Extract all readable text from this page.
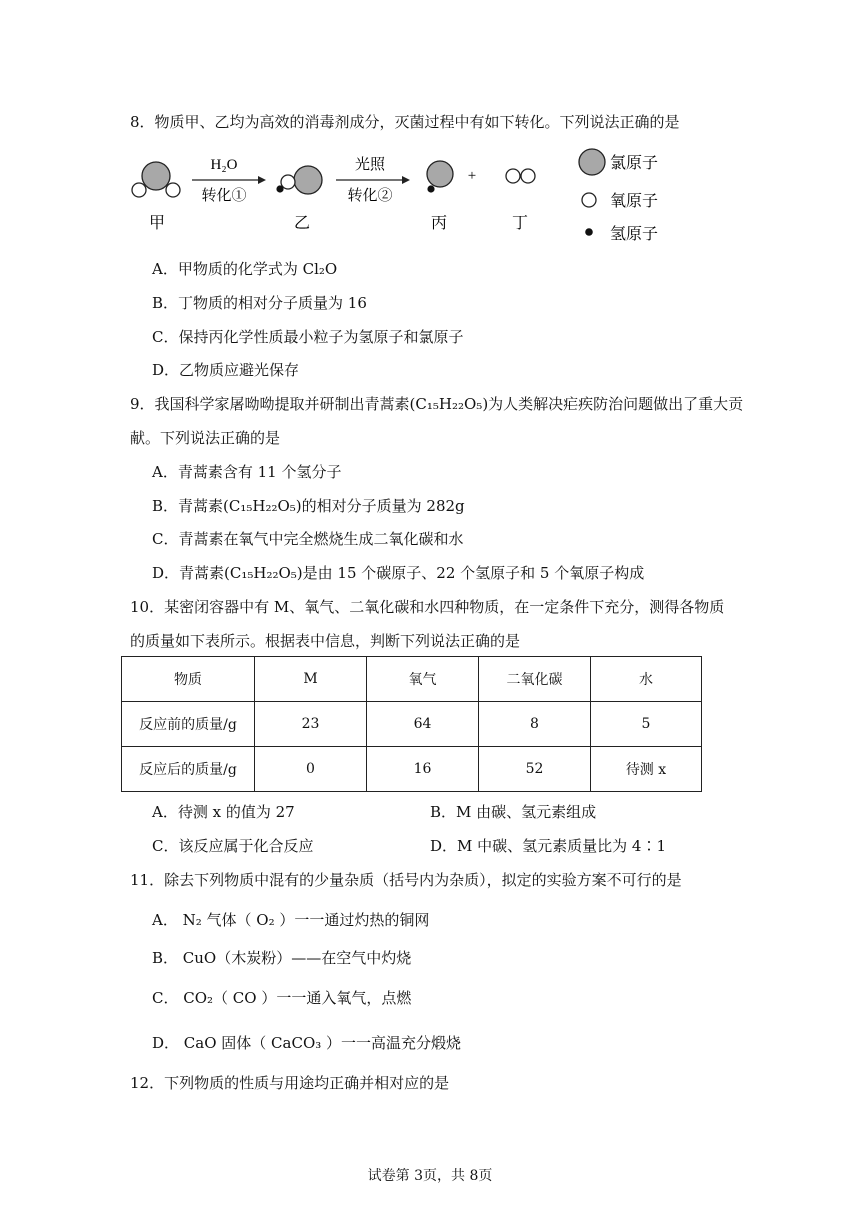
8．物质甲、乙均为高效的消毒剂成分，灭菌过程中有如下转化。下列说法正确的是
H₂O
转化①
光照
转化②
+
甲	乙	丙	丁
氯原子
氧原子
氢原子
A．甲物质的化学式为 Cl₂O
B．丁物质的相对分子质量为 16
C．保持丙化学性质最小粒子为氢原子和氯原子
D．乙物质应避光保存
9．我国科学家屠呦呦提取并研制出青蒿素(C₁₅H₂₂O₅)为人类解决疟疾防治问题做出了重大贡
献。下列说法正确的是
A．青蒿素含有 11 个氢分子
B．青蒿素(C₁₅H₂₂O₅)的相对分子质量为 282g
C．青蒿素在氧气中完全燃烧生成二氧化碳和水
D．青蒿素(C₁₅H₂₂O₅)是由 15 个碳原子、22 个氢原子和 5 个氧原子构成
10．某密闭容器中有 M、氧气、二氧化碳和水四种物质，在一定条件下充分，测得各物质
的质量如下表所示。根据表中信息，判断下列说法正确的是
物质	M	氧气	二氧化碳	水
反应前的质量/g	23	64	8	5
反应后的质量/g	0	16	52	待测 x
A．待测 x 的值为 27	B．M 由碳、氢元素组成
C．该反应属于化合反应	D．M 中碳、氢元素质量比为 4∶1
11．除去下列物质中混有的少量杂质（括号内为杂质），拟定的实验方案不可行的是
A． N₂ 气体（ O₂ ）一一通过灼热的铜网
B． CuO（木炭粉）——在空气中灼烧
C． CO₂（ CO ）一一通入氧气，点燃
D． CaO 固体（ CaCO₃ ）一一高温充分煅烧
12．下列物质的性质与用途均正确并相对应的是
试卷第 3页，共 8页
